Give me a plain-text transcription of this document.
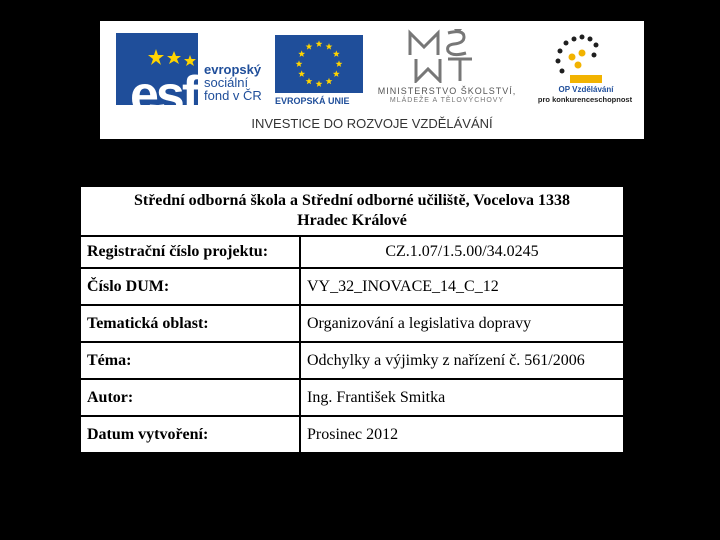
esf evropský
sociální
fond v ČR EVROPSKÁ UNIE
MINISTERSTVO ŠKOLSTVÍ,
MLÁDEŽE A TĚLOVÝCHOVY
OP Vzdělávání
pro konkurenceschopnost
INVESTICE DO ROZVOJE VZDĚLÁVÁNÍ
Střední odborná škola a Střední odborné učiliště, Vocelova 1338
Hradec Králové	

Registrační číslo projektu:	CZ.1.07/1.5.00/34.0245
Číslo DUM:	VY_32_INOVACE_14_C_12
Tematická oblast:	Organizování a legislativa dopravy
Téma:	Odchylky a výjimky z nařízení č. 561/2006
Autor:	Ing. František Smitka
Datum vytvoření:	Prosinec 2012
